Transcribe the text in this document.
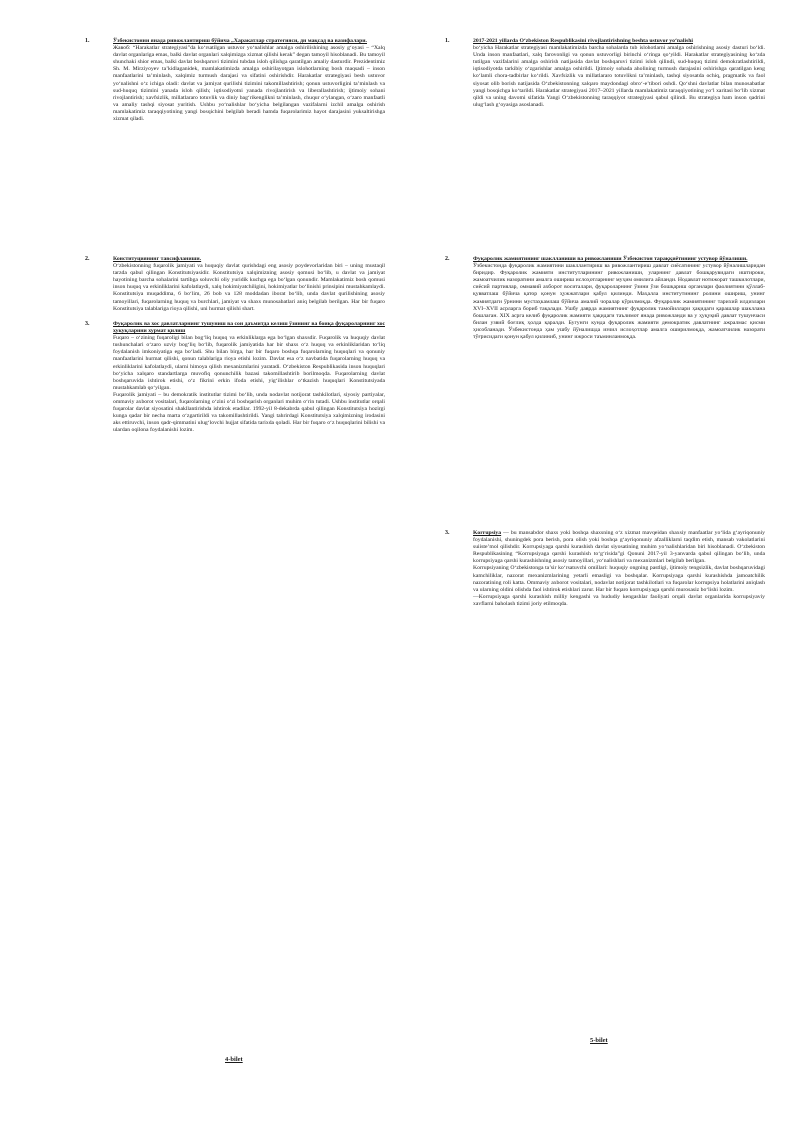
1.	Ўзбекистонни янада ривожлантириш бўйича „Харакатлар стратегияси, дн мақсад ва вазифалари.
Жавоб: “Harakatlar strategiyasi”da ko‘rsatilgan ustuvor yo‘nalishlar amalga oshirilishining asosiy g‘oyasi – “Xalq davlat organlariga emas, balki davlat organlari xalqimizga xizmat qilishi kerak” degan tamoyil hisoblanadi. Bu tamoyil shunchaki shior emas, balki davlat boshqaruvi tizimini tubdan isloh qilishga qaratilgan amaliy dasturdir. Prezidentimiz Sh. M. Mirziyoyev ta’kidlaganidek, mamlakatimizda amalga oshirilayotgan islohotlarning bosh maqsadi – inson manfaatlarini ta’minlash, xalqimiz turmush darajasi va sifatini oshirishdir. Harakatlar strategiyasi besh ustuvor yo‘nalishni o‘z ichiga oladi: davlat va jamiyat qurilishi tizimini takomillashtirish; qonun ustuvorligini ta’minlash va sud-huquq tizimini yanada isloh qilish; iqtisodiyotni yanada rivojlantirish va liberallashtirish; ijtimoiy sohani rivojlantirish; xavfsizlik, millatlararo totuvlik va diniy bag‘rikenglikni ta’minlash, chuqur o‘ylangan, o‘zaro manfaatli va amaliy tashqi siyosat yuritish. Ushbu yo‘nalishlar bo‘yicha belgilangan vazifalarni izchil amalga oshirish mamlakatimiz taraqqiyotining yangi bosqichini belgilab beradi hamda fuqarolarimiz hayot darajasini yuksaltirishga xizmat qiladi.
2.	Конституциянинг тавсифланиши.
O‘zbekistonning fuqarolik jamiyati va huquqiy davlat qurishdagi eng asosiy poydevorlaridan biri – uning mustaqil tarzda qabul qilingan Konstitutsiyasidir. Konstitutsiya xalqimizning asosiy qomusi bo‘lib, u davlat va jamiyat hayotining barcha sohalarini tartibga soluvchi oliy yuridik kuchga ega bo‘lgan qonundir. Mamlakatimiz bosh qomusi inson huquq va erkinliklarini kafolatlaydi, xalq hokimiyatchiligini, hokimiyatlar bo‘linishi prinsipini mustahkamlaydi. Konstitutsiya muqaddima, 6 bo‘lim, 26 bob va 128 moddadan iborat bo‘lib, unda davlat qurilishining asosiy tamoyillari, fuqarolarning huquq va burchlari, jamiyat va shaxs munosabatlari aniq belgilab berilgan. Har bir fuqaro Konstitutsiya talablariga rioya qilishi, uni hurmat qilishi shart.
3.	Фуқаролик ва хос давлатларнинг тушуниш ва сон даъмитда келиш ўзининг ва боиқа фуқароларнинг хос хукуқларини хурмат қилиш
Fuqaro – o‘zining fuqaroligi bilan bog‘liq huquq va erkinliklarga ega bo‘lgan shaxsdir. Fuqarolik va huquqiy davlat tushunchalari o‘zaro uzviy bog‘liq bo‘lib, fuqarolik jamiyatida har bir shaxs o‘z huquq va erkinliklaridan to‘liq foydalanish imkoniyatiga ega bo‘ladi. Shu bilan birga, har bir fuqaro boshqa fuqarolarning huquqlari va qonuniy manfaatlarini hurmat qilishi, qonun talablariga rioya etishi lozim. Davlat esa o‘z navbatida fuqarolarning huquq va erkinliklarini kafolatlaydi, ularni himoya qilish mexanizmlarini yaratadi. O‘zbekiston Respublikasida inson huquqlari bo‘yicha xalqaro standartlarga muvofiq qonunchilik bazasi takomillashtirib borilmoqda. Fuqarolarning davlat boshqaruvida ishtirok etishi, o‘z fikrini erkin ifoda etishi, yig‘ilishlar o‘tkazish huquqlari Konstitutsiyada mustahkamlab qo‘yilgan.
Fuqarolik jamiyati – bu demokratik institutlar tizimi bo‘lib, unda nodavlat notijorat tashkilotlari, siyosiy partiyalar, ommaviy axborot vositalari, fuqarolarning o‘zini o‘zi boshqarish organlari muhim o‘rin tutadi. Ushbu institutlar orqali fuqarolar davlat siyosatini shakllantirishda ishtirok etadilar. 1992-yil 8-dekabrda qabul qilingan Konstitutsiya hozirgi kunga qadar bir necha marta o‘zgartirildi va takomillashtirildi. Yangi tahrirdagi Konstitutsiya xalqimizning irodasini aks ettiruvchi, inson qadr-qimmatini ulug‘lovchi hujjat sifatida tarixda qoladi. Har bir fuqaro o‘z huquqlarini bilishi va ulardan oqilona foydalanishi lozim.
4-bilet
1.	2017-2021 yillarda O‘zbekiston Respublikasini rivojlantirishning beshta ustuvor yo‘nalishi
bo‘yicha Harakatlar strategiyasi mamlakatimizda barcha sohalarda tub islohotlarni amalga oshirishning asosiy dasturi bo‘ldi. Unda inson manfaatlari, xalq farovonligi va qonun ustuvorligi birinchi o‘ringa qo‘yildi. Harakatlar strategiyasining ko‘zda tutilgan vazifalarini amalga oshirish natijasida davlat boshqaruvi tizimi isloh qilindi, sud-huquq tizimi demokratlashtirildi, iqtisodiyotda tarkibiy o‘zgarishlar amalga oshirildi. Ijtimoiy sohada aholining turmush darajasini oshirishga qaratilgan keng ko‘lamli chora-tadbirlar ko‘rildi. Xavfsizlik va millatlararo totuvlikni ta’minlash, tashqi siyosatda ochiq, pragmatik va faol siyosat olib borish natijasida O‘zbekistonning xalqaro maydondagi obro‘-e’tibori oshdi. Qo‘shni davlatlar bilan munosabatlar yangi bosqichga ko‘tarildi. Harakatlar strategiyasi 2017–2021 yillarda mamlakatimiz taraqqiyotining yo‘l xaritasi bo‘lib xizmat qildi va uning davomi sifatida Yangi O‘zbekistonning taraqqiyot strategiyasi qabul qilindi. Bu strategiya ham inson qadrini ulug‘lash g‘oyasiga asoslanadi.
2.	Фуқаролик жамиятининг шаклланиши ва ривожланиши Ўзбекистон тараққиётининг устувор йўналиши.
Ўзбекистонда фуқаролик жамиятини шакллантириш ва ривожлантириш давлат сиёсатининг устувор йўналишларидан биридир. Фуқаролик жамияти институтларининг ривожланиши, уларнинг давлат бошқарувидаги иштироки, жамоатчилик назоратини амалга ошириш ислоҳотларнинг муҳим омилига айланди. Нодавлат нотижорат ташкилотлари, сиёсий партиялар, оммавий ахборот воситалари, фуқароларнинг ўзини ўзи бошқариш органлари фаолиятини қўллаб-қувватлаш бўйича қатор қонун ҳужжатлари қабул қилинди. Маҳалла институтининг ролини ошириш, унинг жамиятдаги ўрнини мустаҳкамлаш бўйича амалий чоралар кўрилмоқда. Фуқаролик жамиятининг тарихий илдизлари XVI–XVII асрларга бориб тақалади. Ушбу даврда жамиятнинг фуқаролик тамойиллари ҳақидаги қарашлар шакллана бошлаган. XIX асрга келиб фуқаролик жамияти ҳақидаги таълимот янада ривожланди ва у ҳуқуқий давлат тушунчаси билан узвий боғлиқ ҳолда қаралди. Бугунги кунда фуқаролик жамияти демократик давлатнинг ажралмас қисми ҳисобланади. Ўзбекистонда ҳам ушбу йўналишда изчил ислоҳотлар амалга оширилмоқда, жамоатчилик назорати тўғрисидаги қонун қабул қилиниб, унинг ижроси таъминланмоқда.
3.	Korrupsiya — bu mansabdor shaxs yoki boshqa shaxsning o‘z xizmat mavqeidan shaxsiy manfaatlar yo‘lida g‘ayriqonuniy foydalanishi, shuningdek pora berish, pora olish yoki boshqa g‘ayriqonuniy afzalliklarni taqdim etish, mansab vakolatlarini suiiste’mol qilishdir. Korrupsiyaga qarshi kurashish davlat siyosatining muhim yo‘nalishlaridan biri hisoblanadi. O‘zbekiston Respublikasining “Korrupsiyaga qarshi kurashish to‘g‘risida”gi Qonuni 2017-yil 3-yanvarda qabul qilingan bo‘lib, unda korrupsiyaga qarshi kurashishning asosiy tamoyillari, yo‘nalishlari va mexanizmlari belgilab berilgan.
Korrupsiyaning O‘zbekistonga ta’sir ko‘rsatuvchi omillari: huquqiy ongning pastligi, ijtimoiy tengsizlik, davlat boshqaruvidagi kamchiliklar, nazorat mexanizmlarining yetarli emasligi va boshqalar. Korrupsiyaga qarshi kurashishda jamoatchilik nazoratining roli katta. Ommaviy axborot vositalari, nodavlat notijorat tashkilotlari va fuqarolar korrupsiya holatlarini aniqlash va ularning oldini olishda faol ishtirok etishlari zarur. Har bir fuqaro korrupsiyaga qarshi murosasiz bo‘lishi lozim.
—Korrupsiyaga qarshi kurashish milliy kengashi va hududiy kengashlar faoliyati orqali davlat organlarida korrupsiyaviy xavflarni baholash tizimi joriy etilmoqda.
5-bilet
